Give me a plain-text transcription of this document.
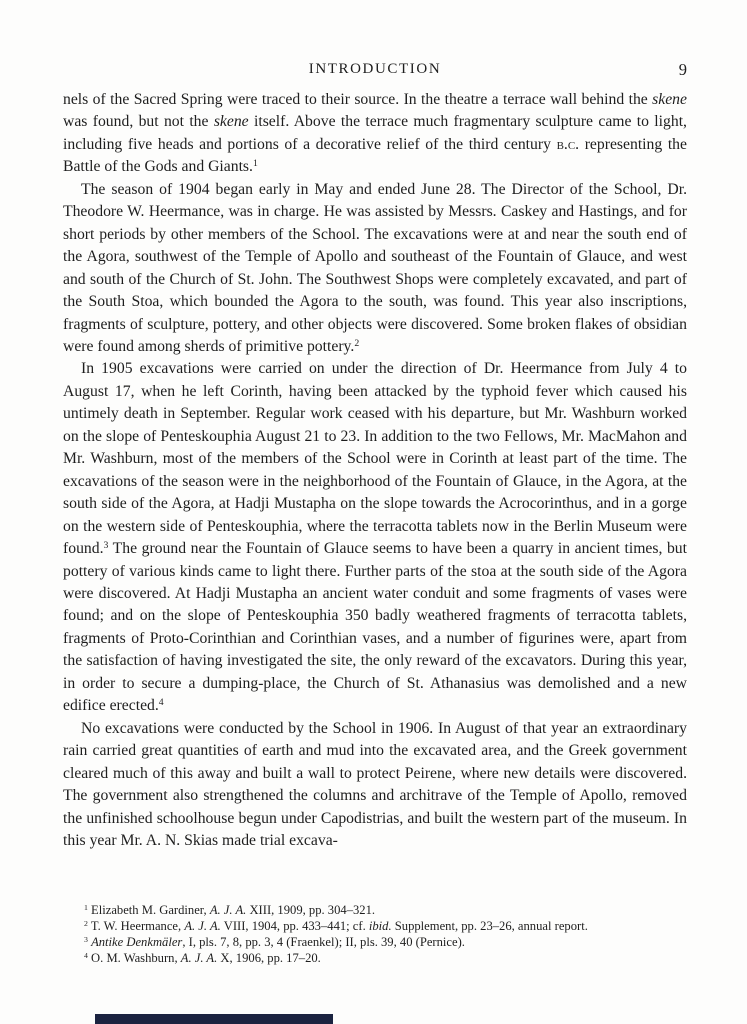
INTRODUCTION	9

nels of the Sacred Spring were traced to their source. In the theatre a terrace wall behind the skene was found, but not the skene itself. Above the terrace much fragmentary sculpture came to light, including five heads and portions of a decorative relief of the third century b.c. representing the Battle of the Gods and Giants.$^1$

The season of 1904 began early in May and ended June 28. The Director of the School, Dr. Theodore W. Heermance, was in charge. He was assisted by Messrs. Caskey and Hastings, and for short periods by other members of the School. The excavations were at and near the south end of the Agora, southwest of the Temple of Apollo and southeast of the Fountain of Glauce, and west and south of the Church of St. John. The Southwest Shops were completely excavated, and part of the South Stoa, which bounded the Agora to the south, was found. This year also inscriptions, fragments of sculpture, pottery, and other objects were discovered. Some broken flakes of obsidian were found among sherds of primitive pottery.$^2$

In 1905 excavations were carried on under the direction of Dr. Heermance from July 4 to August 17, when he left Corinth, having been attacked by the typhoid fever which caused his untimely death in September. Regular work ceased with his departure, but Mr. Washburn worked on the slope of Penteskouphia August 21 to 23. In addition to the two Fellows, Mr. MacMahon and Mr. Washburn, most of the members of the School were in Corinth at least part of the time. The excavations of the season were in the neighborhood of the Fountain of Glauce, in the Agora, at the south side of the Agora, at Hadji Mustapha on the slope towards the Acrocorinthus, and in a gorge on the western side of Penteskouphia, where the terracotta tablets now in the Berlin Museum were found.$^3$ The ground near the Fountain of Glauce seems to have been a quarry in ancient times, but pottery of various kinds came to light there. Further parts of the stoa at the south side of the Agora were discovered. At Hadji Mustapha an ancient water conduit and some fragments of vases were found; and on the slope of Penteskouphia 350 badly weathered fragments of terracotta tablets, fragments of Proto-Corinthian and Corinthian vases, and a number of figurines were, apart from the satisfaction of having investigated the site, the only reward of the excavators. During this year, in order to secure a dumping-place, the Church of St. Athanasius was demolished and a new edifice erected.$^4$

No excavations were conducted by the School in 1906. In August of that year an extraordinary rain carried great quantities of earth and mud into the excavated area, and the Greek government cleared much of this away and built a wall to protect Peirene, where new details were discovered. The government also strengthened the columns and architrave of the Temple of Apollo, removed the unfinished schoolhouse begun under Capodistrias, and built the western part of the museum. In this year Mr. A. N. Skias made trial excava-

$^1$ Elizabeth M. Gardiner, A. J. A. XIII, 1909, pp. 304–321.

$^2$ T. W. Heermance, A. J. A. VIII, 1904, pp. 433–441; cf. ibid. Supplement, pp. 23–26, annual report.

$^3$ Antike Denkmäler, I, pls. 7, 8, pp. 3, 4 (Fraenkel); II, pls. 39, 40 (Pernice).

$^4$ O. M. Washburn, A. J. A. X, 1906, pp. 17–20.
